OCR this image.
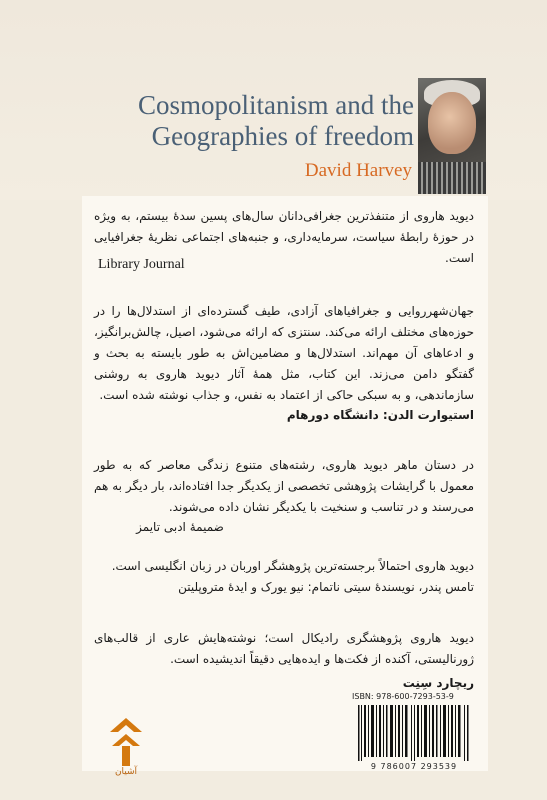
Cosmopolitanism and the Geographies of freedom
David Harvey
دیوید هاروی از متنفذترین جغرافی‌دانان سال‌های پسین سدهٔ بیستم، به ویژه در حوزهٔ رابطهٔ سیاست، سرمایه‌داری، و جنبه‌های اجتماعی نظریهٔ جغرافیایی است.
Library Journal
جهان‌شهرروایی و جغرافیاهای آزادی، طیف گسترده‌ای از استدلال‌ها را در حوزه‌های مختلف ارائه می‌کند. سنتزی که ارائه می‌شود، اصیل، چالش‌برانگیز، و ادعاهای آن مهم‌اند. استدلال‌ها و مضامین‌اش به طور بایسته به بحث و گفتگو دامن می‌زند. این کتاب، مثل همهٔ آثار دیوید هاروی به روشنی سازماندهی، و به سبکی حاکی از اعتماد به نفس، و جذاب نوشته شده است.
استیوارت الدن: دانشگاه دورهام
در دستان ماهر دیوید هاروی، رشته‌های متنوع زندگی معاصر که به طور معمول با گرایشات پژوهشی تخصصی از یکدیگر جدا افتاده‌اند، بار دیگر به هم می‌رسند و در تناسب و سنخیت با یکدیگر نشان داده می‌شوند.
ضمیمهٔ ادبی تایمز
دیوید هاروی احتمالاً برجسته‌ترین پژوهشگر اوربان در زبان انگلیسی است.
تامس پندر، نویسندهٔ سیتی ناتمام: نیو یورک و ایدهٔ متروپلیتن
دیوید هاروی پژوهشگری رادیکال است؛ نوشته‌هایش عاری از قالب‌های ژورنالیستی، آکنده از فکت‌ها و ایده‌هایی دقیقاً اندیشیده است.
ریچارد سِنِت
آشیان
ISBN: 978-600-7293-53-9
9 786007 293539
